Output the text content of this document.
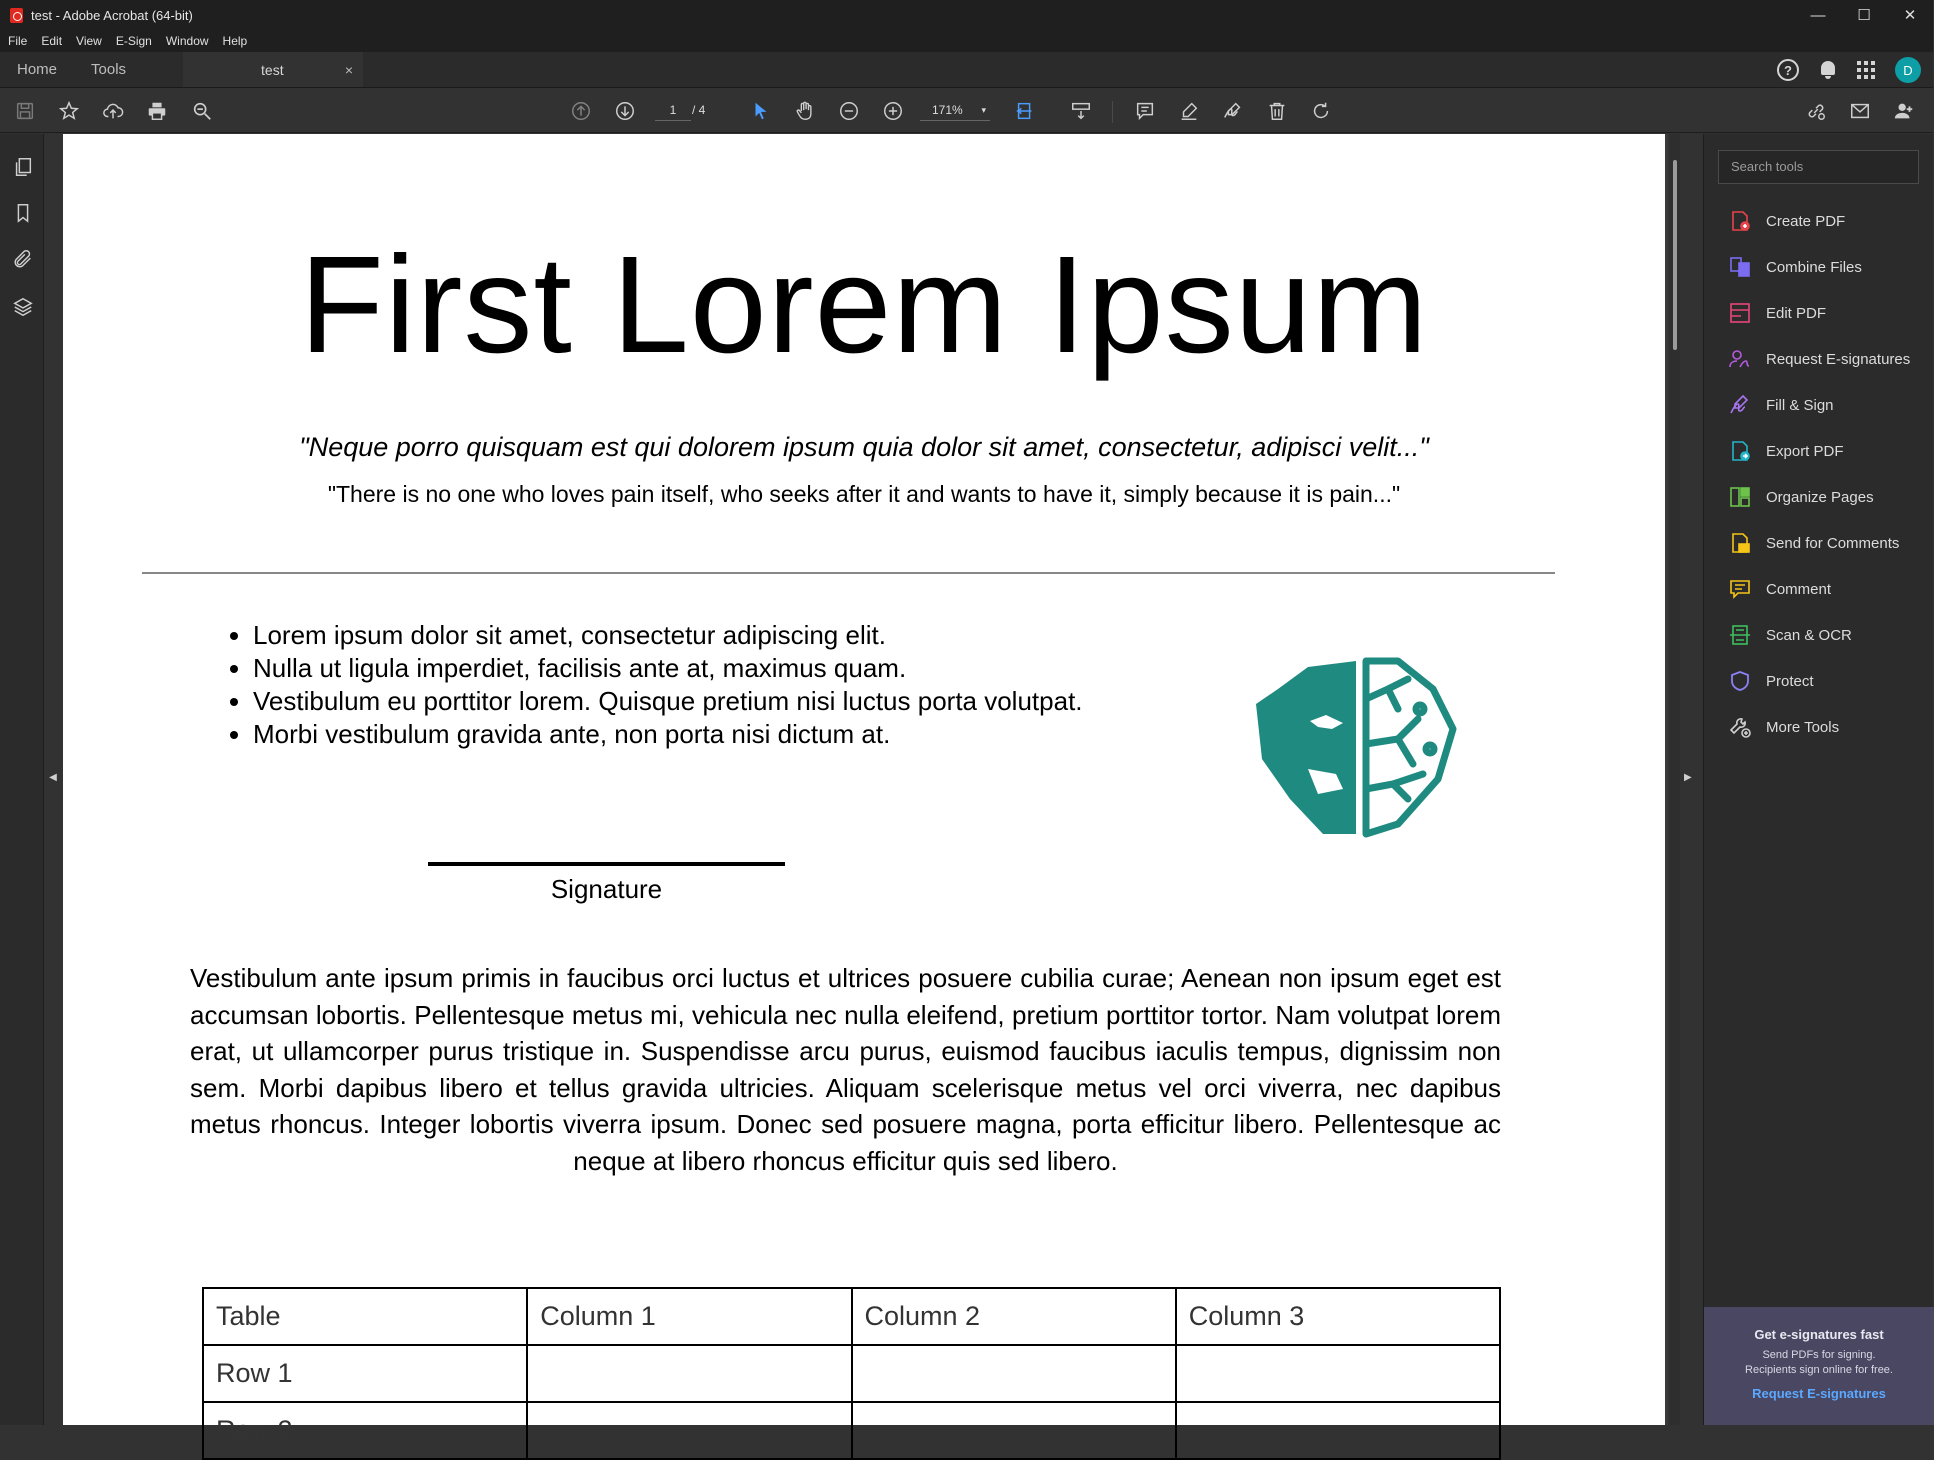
test - Adobe Acrobat (64-bit)	—	☐	✕
File Edit View E-Sign Window Help
Home	Tools	test	×	?	D
1	/ 4	171% ▾
◀
First Lorem Ipsum
"Neque porro quisquam est qui dolorem ipsum quia dolor sit amet, consectetur, adipisci velit..."
"There is no one who loves pain itself, who seeks after it and wants to have it, simply because it is pain..."
• Lorem ipsum dolor sit amet, consectetur adipiscing elit.
• Nulla ut ligula imperdiet, facilisis ante at, maximus quam.
• Vestibulum eu porttitor lorem. Quisque pretium nisi luctus porta volutpat.
• Morbi vestibulum gravida ante, non porta nisi dictum at.
Signature
Vestibulum ante ipsum primis in faucibus orci luctus et ultrices posuere cubilia curae; Aenean non ipsum eget est accumsan lobortis. Pellentesque metus mi, vehicula nec nulla eleifend, pretium porttitor tortor. Nam volutpat lorem erat, ut ullamcorper purus tristique in. Suspendisse arcu purus, euismod faucibus iaculis tempus, dignissim non sem. Morbi dapibus libero et tellus gravida ultricies. Aliquam scelerisque metus vel orci viverra, nec dapibus metus rhoncus. Integer lobortis viverra ipsum. Donec sed posuere magna, porta efficitur libero. Pellentesque ac neque at libero rhoncus efficitur quis sed libero.
Table	Column 1	Column 2	Column 3
Row 1			
Row 2			
▶
Search tools
Create PDF
Combine Files
Edit PDF
Request E-signatures
Fill & Sign
Export PDF
Organize Pages
Send for Comments
Comment
Scan & OCR
Protect
More Tools
Get e-signatures fast
Send PDFs for signing.
Recipients sign online for free.
Request E-signatures
